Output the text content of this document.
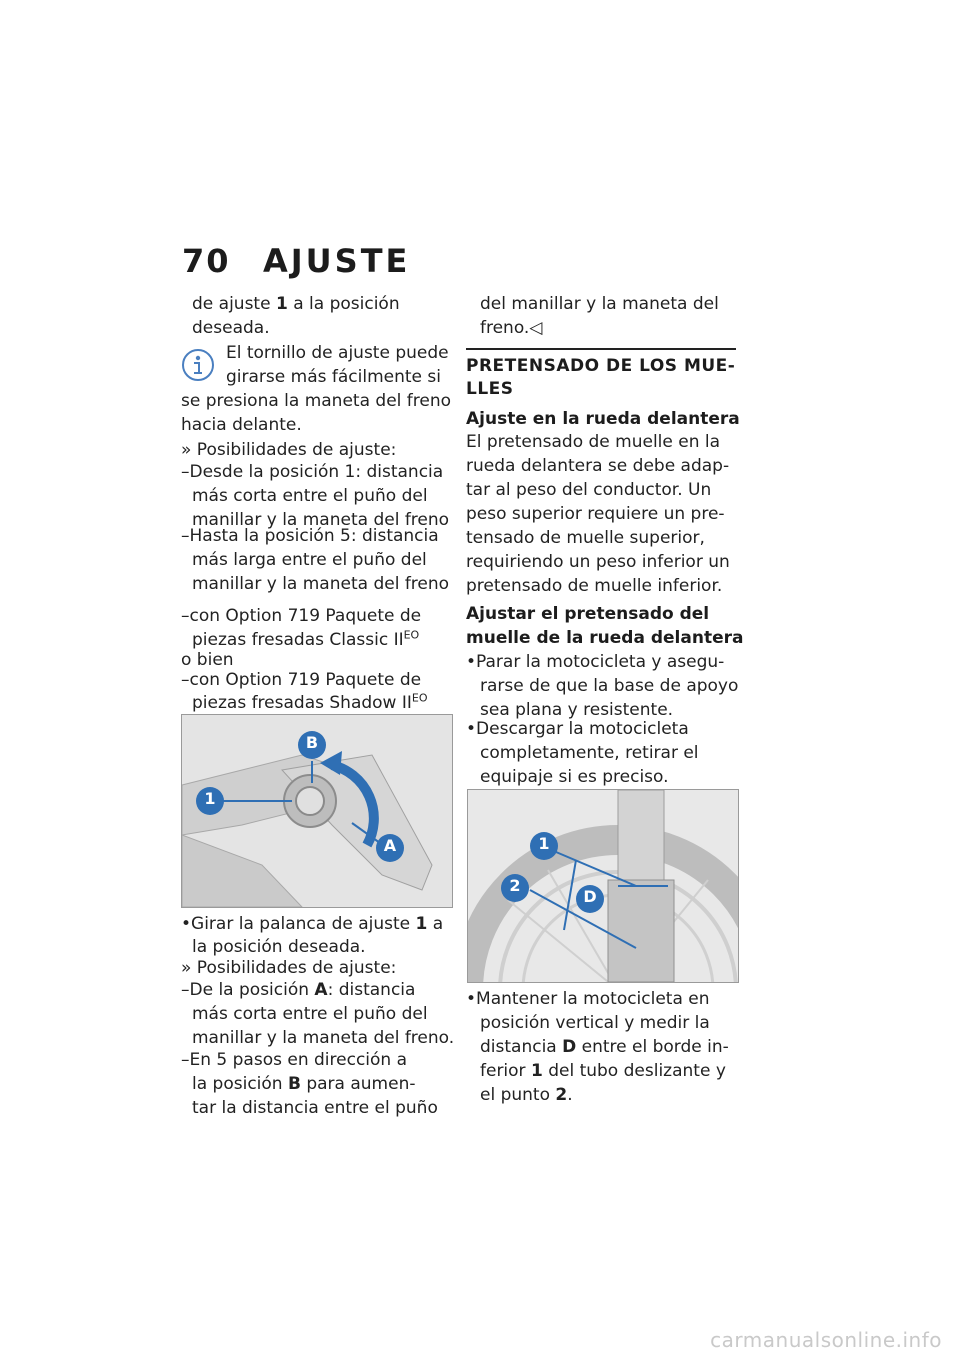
70 AJUSTE
de ajuste 1 a la posición
deseada.
El tornillo de ajuste puede
girarse más fácilmente si
se presiona la maneta del freno
hacia delante.
» Posibilidades de ajuste:
–Desde la posición 1: distancia
más corta entre el puño del
manillar y la maneta del freno
–Hasta la posición 5: distancia
más larga entre el puño del
manillar y la maneta del freno
–con Option 719 Paquete de
piezas fresadas Classic $II^{EO}$
o bien
–con Option 719 Paquete de
piezas fresadas Shadow $II^{EO}$
1
B
A
• Girar la palanca de ajuste 1 a
la posición deseada.
» Posibilidades de ajuste:
–De la posición A: distancia
más corta entre el puño del
manillar y la maneta del freno.
–En 5 pasos en dirección a
la posición B para aumen-
tar la distancia entre el puño
del manillar y la maneta del
freno.◁
PRETENSADO DE LOS MUE-
LLES
Ajuste en la rueda delantera
El pretensado de muelle en la
rueda delantera se debe adap-
tar al peso del conductor. Un
peso superior requiere un pre-
tensado de muelle superior,
requiriendo un peso inferior un
pretensado de muelle inferior.
Ajustar el pretensado del
muelle de la rueda delantera
• Parar la motocicleta y asegu-
rarse de que la base de apoyo
sea plana y resistente.
• Descargar la motocicleta
completamente, retirar el
equipaje si es preciso.
1
2
D
• Mantener la motocicleta en
posición vertical y medir la
distancia D entre el borde in-
ferior 1 del tubo deslizante y
el punto 2.
carmanualsonline.info
